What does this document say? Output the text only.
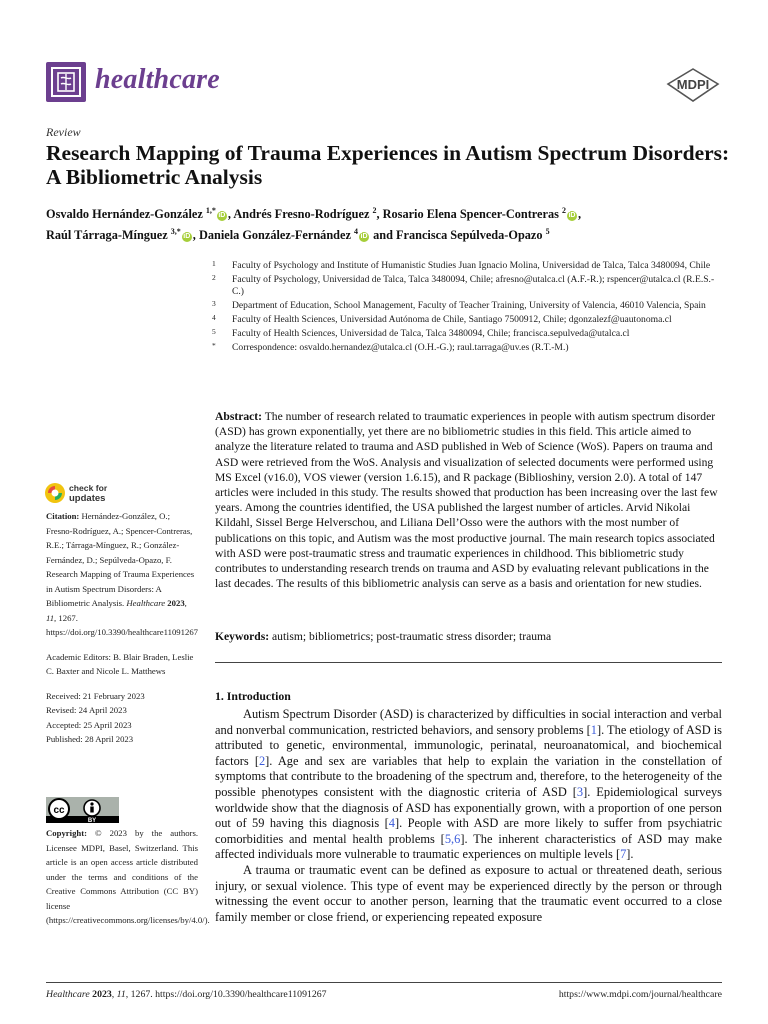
healthcare	MDPI
Review
Research Mapping of Trauma Experiences in Autism Spectrum Disorders: A Bibliometric Analysis
Osvaldo Hernández-González $^{1,*}$iD , Andrés Fresno-Rodríguez $^2$, Rosario Elena Spencer-Contreras $^2$iD ,
Raúl Tárraga-Mínguez $^{3,*}$iD , Daniela González-Fernández $^4$iD and Francisca Sepúlveda-Opazo $^5$
1 Faculty of Psychology and Institute of Humanistic Studies Juan Ignacio Molina, Universidad de Talca, Talca 3480094, Chile
2 Faculty of Psychology, Universidad de Talca, Talca 3480094, Chile; afresno@utalca.cl (A.F.-R.); rspencer@utalca.cl (R.E.S.-C.)
3 Department of Education, School Management, Faculty of Teacher Training, University of Valencia, 46010 Valencia, Spain
4 Faculty of Health Sciences, Universidad Autónoma de Chile, Santiago 7500912, Chile; dgonzalezf@uautonoma.cl
5 Faculty of Health Sciences, Universidad de Talca, Talca 3480094, Chile; francisca.sepulveda@utalca.cl
* Correspondence: osvaldo.hernandez@utalca.cl (O.H.-G.); raul.tarraga@uv.es (R.T.-M.)
Abstract: The number of research related to traumatic experiences in people with autism spectrum disorder (ASD) has grown exponentially, yet there are no bibliometric studies in this field. This article aimed to analyze the literature related to trauma and ASD published in Web of Science (WoS). Papers on trauma and ASD were retrieved from the WoS. Analysis and visualization of selected documents were performed using MS Excel (v16.0), VOS viewer (version 1.6.15), and R package (Biblioshiny, version 2.0). A total of 147 articles were included in this study. The results showed that production has been increasing over the last few years. Among the countries identified, the USA published the largest number of articles. Arvid Nikolai Kildahl, Sissel Berge Helverschou, and Liliana Dell’Osso were the authors with the most number of publications on this topic, and Autism was the most productive journal. The main research topics associated with ASD were post-traumatic stress and traumatic experiences in childhood. This bibliometric study contributes to understanding research trends on trauma and ASD by evaluating relevant publications in the last decades. The results of this bibliometric analysis can serve as a basis and orientation for new studies.
Keywords: autism; bibliometrics; post-traumatic stress disorder; trauma
check for
updates
Citation: Hernández-González, O.; Fresno-Rodríguez, A.; Spencer-Contreras, R.E.; Tárraga-Mínguez, R.; González-Fernández, D.; Sepúlveda-Opazo, F. Research Mapping of Trauma Experiences in Autism Spectrum Disorders: A Bibliometric Analysis. Healthcare 2023, 11, 1267. https://doi.org/10.3390/healthcare11091267
Academic Editors: B. Blair Braden, Leslie C. Baxter and Nicole L. Matthews
Received: 21 February 2023
Revised: 24 April 2023
Accepted: 25 April 2023
Published: 28 April 2023
cc
BY
Copyright: © 2023 by the authors. Licensee MDPI, Basel, Switzerland. This article is an open access article distributed under the terms and conditions of the Creative Commons Attribution (CC BY) license (https://creativecommons.org/licenses/by/4.0/).
1. Introduction

Autism Spectrum Disorder (ASD) is characterized by difficulties in social interaction and verbal and nonverbal communication, restricted behaviors, and sensory problems [1]. The etiology of ASD is attributed to genetic, environmental, immunologic, perinatal, neuroanatomical, and biochemical factors [2]. Age and sex are variables that help to explain the variation in the constellation of symptoms that contribute to the broadening of the spectrum and, therefore, to the heterogeneity of the possible phenotypes consistent with the diagnostic criteria of ASD [3]. Epidemiological surveys worldwide show that the diagnosis of ASD has exponentially grown, with a proportion of one person out of 59 having this diagnosis [4]. People with ASD are more likely to suffer from psychiatric comorbidities and mental health problems [5,6]. The inherent characteristics of ASD may make affected individuals more vulnerable to traumatic experiences on multiple levels [7].

A trauma or traumatic event can be defined as exposure to actual or threatened death, serious injury, or sexual violence. This type of event may be experienced directly by the person or through witnessing the event occur to another person, learning that the traumatic event occurred to a close family member or close friend, or experiencing repeated exposure

Healthcare 2023, 11, 1267. https://doi.org/10.3390/healthcare11091267	https://www.mdpi.com/journal/healthcare
